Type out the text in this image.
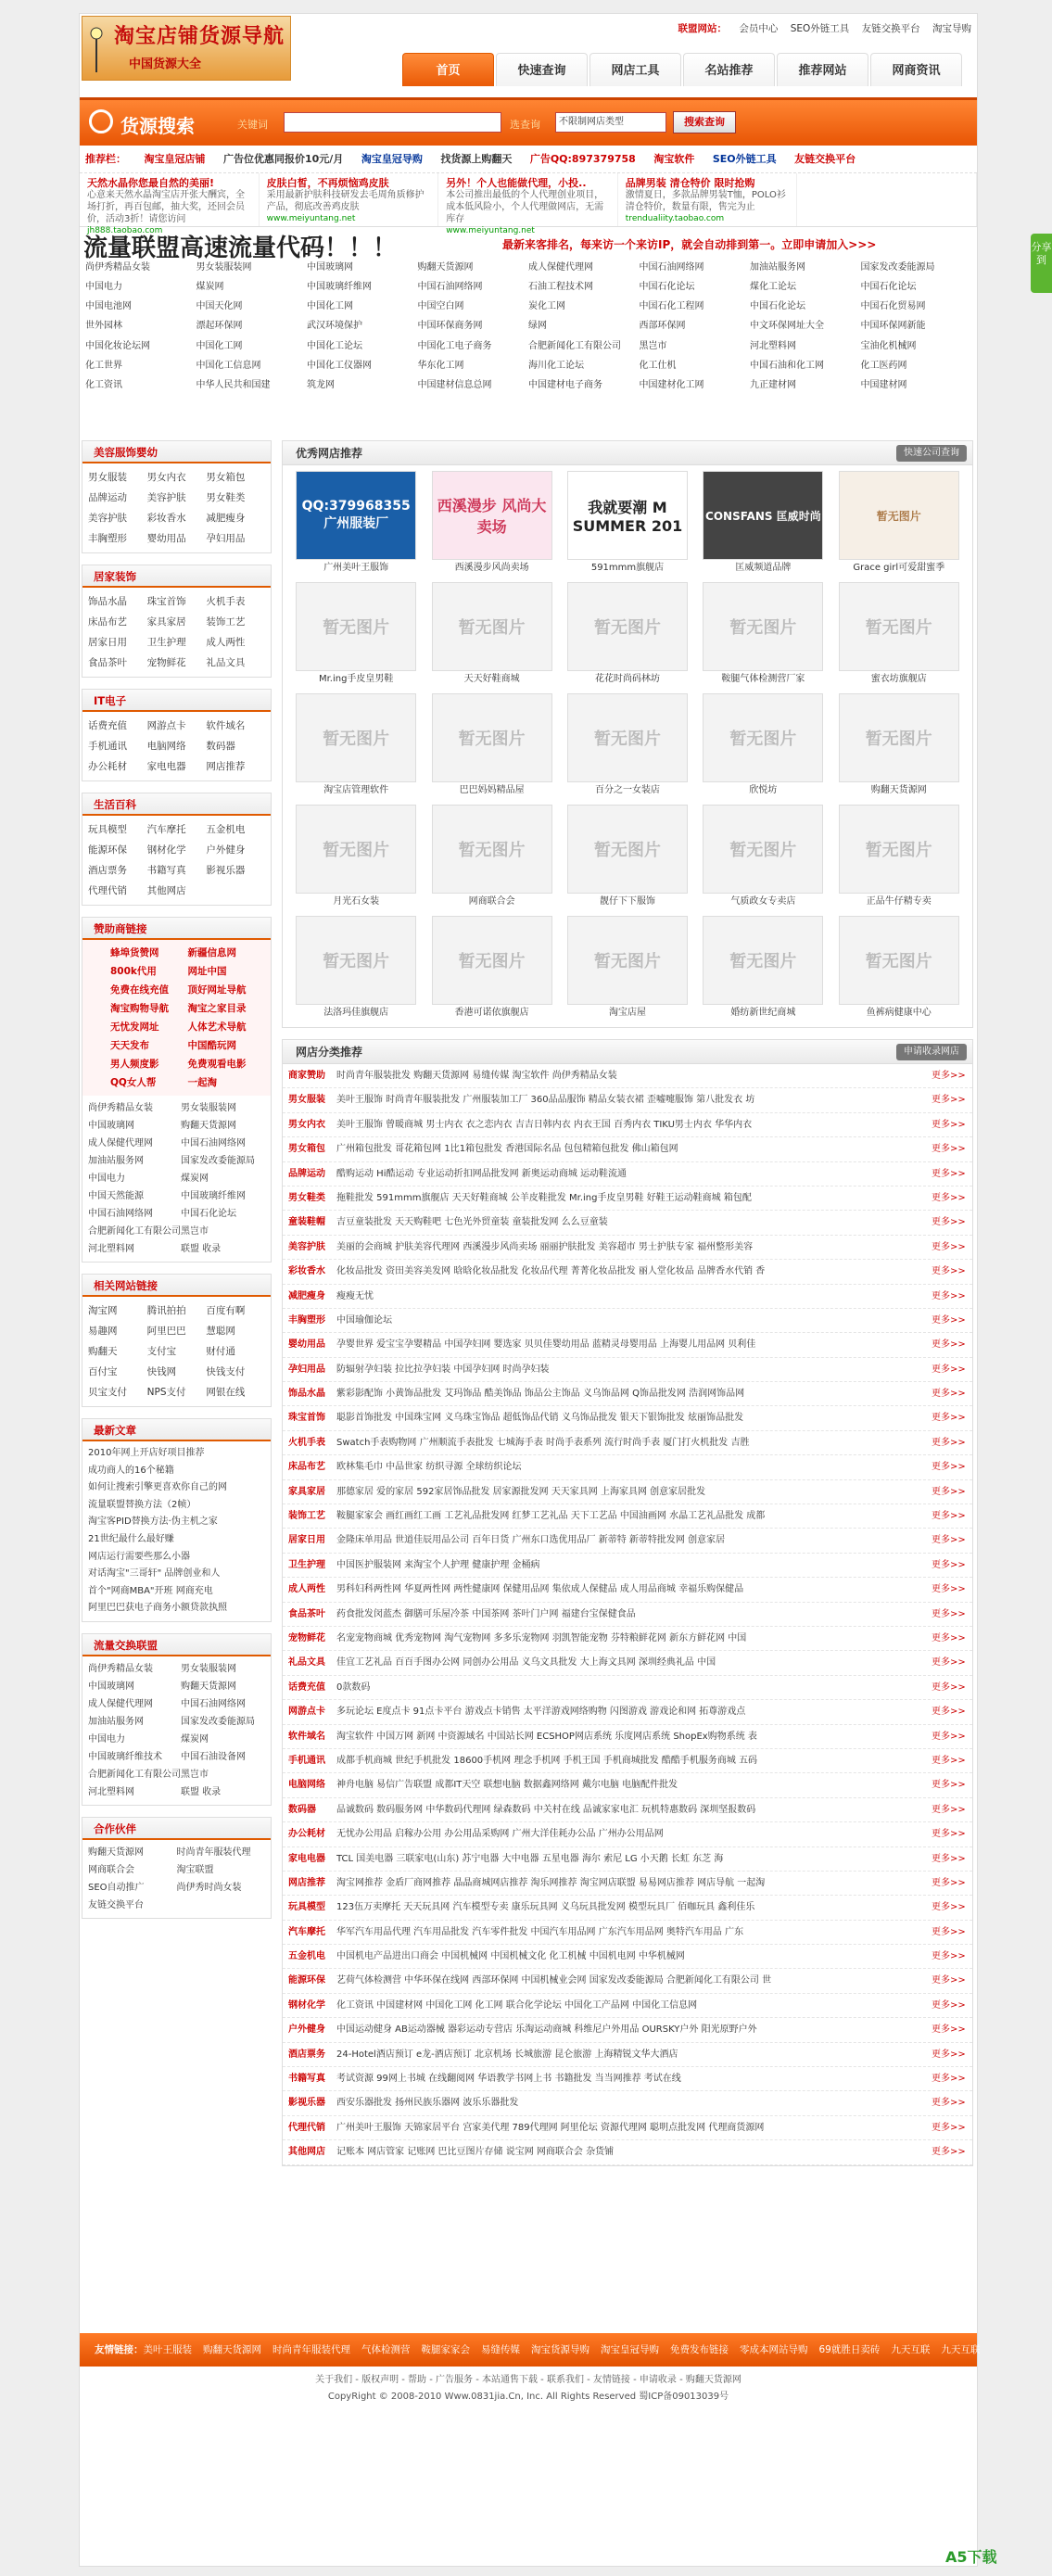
淘宝店铺货源导航
中国货源大全
联盟网站： 会员中心 SEO外链工具 友链交换平台 淘宝导购
首页	快速查询	网店工具	名站推荐	推荐网站	网商资讯
货源搜索	关键词	选查询	不限制网店类型	搜索查询
推荐栏： 淘宝皇冠店铺 广告位优惠同报价10元/月 淘宝皇冠导购 找货源上购翻天 广告QQ:897379758 淘宝软件 SEO外链工具 友链交换平台
天然水晶你您最自然的美丽!
心意来天然水晶淘宝店开张大酬宾，全场打折，再百包邮，抽大奖，还回会员价，活动3折！请您访问
jh888.taobao.com
皮肤白皙，不再烦恼鸡皮肤
采用最新护肤科技研发去毛周角质修护产品，彻底改善鸡皮肤
www.meiyuntang.net
另外！个人也能做代理，小投..
本公司推出最低的个人代理创业项目，成本低风险小，个人代理做网店，无需库存
www.meiyuntang.net
品牌男装 清仓特价 限时抢购
激情夏日，多款品牌男装T恤，POLO衫清仓特价，数量有限，售完为止
trendualiity.taobao.com
流量联盟高速流量代码！！！	最新来客排名，每来访一个来访IP，就会自动排到第一。立即申请加入>>>
尚伊秀精品女装	男女装服装网	中国玻璃网	购翻天货源网	成人保健代理网	中国石油网络网	加油站服务网	国家发改委能源局
中国电力	煤炭网	中国玻璃纤维网	中国石油网络网	石油工程技术网	中国石化论坛	煤化工论坛	中国石化论坛
中国电池网	中国天化网	中国化工网	中国空白网	炭化工网	中国石化工程网	中国石化论坛	中国石化贸易网
世外园林	漂起环保网	武汉环境保护	中国环保商务网	绿网	西部环保网	中文环保网址大全	中国环保网新能
中国化妆论坛网	中国化工网	中国化工论坛	中国化工电子商务	合肥新闻化工有限公司	黑岂市	河北塑料网	宝油化机械网
化工世界	中国化工信息网	中国化工仪器网	华东化工网	海川化工论坛	化工仕机	中国石油和化工网	化工医药网
化工资讯	中华人民共和国建	筑龙网	中国建材信息总网	中国建材电子商务	中国建材化工网	九正建材网	中国建材网
美容服饰婴幼
男女服装	男女内衣	男女箱包
品牌运动	美容护肤	男女鞋类
美容护肤	彩妆香水	减肥瘦身
丰胸塑形	婴幼用品	孕妇用品
居家装饰
饰品水晶	珠宝首饰	火机手表
床品布艺	家具家居	装饰工艺
居家日用	卫生护理	成人两性
食品茶叶	宠物鲜花	礼品文具
IT电子
话费充值	网游点卡	软件域名
手机通讯	电脑网络	数码器
办公耗材	家电电器	网店推荐
生活百科
玩具模型	汽车摩托	五金机电
能源环保	钢材化学	户外健身
酒店票务	书籍写真	影视乐器
代理代销	其他网店
赞助商链接
蜂埠货赞网	新疆信息网
800k代用	网址中国
免费在线充值	顶好网址导航
淘宝购物导航	淘宝之家目录
无忧发网址	人体艺术导航
天天发布	中国酷玩网
男人频度影	免费观看电影
QQ女人帮	一起淘
尚伊秀精品女装	男女装服装网
中国玻璃网	购翻天货源网
成人保健代理网	中国石油网络网
加油站服务网	国家发改委能源局
中国电力	煤炭网
中国天然能源	中国玻璃纤维网
中国石油网络网	中国石化论坛
合肥新闻化工有限公司 黑岂市
河北塑料网	联盟 收录
相关网站链接
淘宝网	腾讯拍拍	百度有啊
易趣网	阿里巴巴	慧聪网
购翻天	支付宝	财付通
百付宝	快钱网	快钱支付
贝宝支付	NPS支付	网银在线
最新文章
2010年网上开店好项目推荐
成功商人的16个秘籍
如何让搜索引擎更喜欢你自己的网
流量联盟替换方法（2帧）
淘宝客PID替换方法·伪主机之家
21世纪最什么最好赚
网店运行需要些那么小器
对话淘宝"三哥轩" 品牌创业和人
首个"网商MBA"开班 网商充电
阿里巴巴获电子商务小额贷款执照
流量交换联盟
尚伊秀精品女装	男女装服装网
中国玻璃网	购翻天货源网
成人保健代理网	中国石油网络网
加油站服务网	国家发改委能源局
中国电力	煤炭网
中国玻璃纤维技术	中国石油设备网
合肥新闻化工有限公司 黑岂市
河北塑料网	联盟 收录
合作伙伴
购翻天货源网	时尚青年服装代理
网商联合会	淘宝联盟
SEO自动推广	尚伊秀时尚女装
友链交换平台
优秀网店推荐	快速公司查询
QQ:379968355 广州服装厂
广州美叶王服饰
西溪漫步 风尚大卖场
西溪漫步风尚卖场
我就要潮 M SUMMER 201
591mmm旗舰店
CONSFANS 匡威时尚
匡威频道品牌
暂无图片
Grace girl可爱甜蜜季
暂无图片
Mr.ing手皮皇男鞋
暂无图片
天天好鞋商城
暂无图片
花花时尚码林坊
暂无图片
鞍腿气体检测营厂家
暂无图片
蜜衣坊旗舰店
暂无图片
淘宝店管理软件
暂无图片
巴巴妈妈精品屋
暂无图片
百分之一女装店
暂无图片
欣悦坊
暂无图片
购翻天货源网
暂无图片
月光石女装
暂无图片
网商联合会
暂无图片
靓仔下下服饰
暂无图片
气质政女专卖店
暂无图片
正品牛仔精专卖
暂无图片
法洛玛佳旗舰店
暂无图片
香港可诺依旗舰店
暂无图片
淘宝店屋
暂无图片
婚纺新世纪商城
暂无图片
鱼裤病健康中心
网店分类推荐	申请收录网店
商家赞助	时尚青年服装批发 购翻天货源网 易缝传媒 淘宝软件 尚伊秀精品女装	更多>>
男女服装	美叶王服饰 时尚青年服装批发 广州服装加工厂 360品品服饰 精品女装衣裙 歪嘘嚏服饰 第八批发衣 坊	更多>>
男女内衣	美叶王服饰 曾暖商城 男士内衣 衣之恋内衣 吉吉日韩内衣 内衣王国 百秀内衣 TIKU男士内衣 华华内衣	更多>>
男女箱包	广州箱包批发 哥花箱包网 1比1箱包批发 香港国际名品 包包精箱包批发 佛山箱包网	更多>>
品牌运动	酷购运动 Hi酷运动 专业运动折扣网品批发网 新奥运动商城 运动鞋流通	更多>>
男女鞋类	拖鞋批发 591mmm旗舰店 天天好鞋商城 公羊皮鞋批发 Mr.ing手皮皇男鞋 好鞋王运动鞋商城 箱包配	更多>>
童装鞋帽	吉豆童装批发 天天购鞋吧 七色光外贸童装 童装批发网 么么豆童装	更多>>
美容护肤	美丽的会商城 护肤美容代理网 西溪漫步风尚卖场 丽丽护肤批发 美容超市 男士护肤专家 福州整形美容	更多>>
彩妆香水	化妆品批发 资田美容美发网 晗晗化妆品批发 化妆品代理 菁菁化妆品批发 丽人堂化妆品 品牌香水代销 香	更多>>
减肥瘦身	瘦瘦无忧	更多>>
丰胸塑形	中国瑜伽论坛	更多>>
婴幼用品	孕婴世界 爱宝宝孕婴精品 中国孕妇网 婴选家 贝贝佳婴幼用品 蓝精灵母婴用品 上海婴儿用品网 贝利佳	更多>>
孕妇用品	防辐射孕妇装 拉比拉孕妇装 中国孕妇网 时尚孕妇装	更多>>
饰品水晶	紫彩影配饰 小黄饰品批发 艾玛饰品 酷美饰品 饰品公主饰品 义乌饰品网 Q饰品批发网 浩润网饰品网	更多>>
珠宝首饰	聪影首饰批发 中国珠宝网 义乌珠宝饰品 超低饰品代销 义乌饰品批发 银天下银饰批发 炫丽饰品批发	更多>>
火机手表	Swatch手表购物网 广州顺流手表批发 七城海手表 时尚手表系列 流行时尚手表 厦门打火机批发 吉胜	更多>>
床品布艺	欧林集毛巾 中品世家 纺织寻源 全球纺织论坛	更多>>
家具家居	那德家居 爱的家居 592家居饰品批发 居家源批发网 天天家具网 上海家具网 创意家居批发	更多>>
装饰工艺	鞍腿家家会 画红画红工画 工艺礼品批发网 红梦工艺礼品 天下工艺品 中国油画网 水晶工艺礼品批发 成都	更多>>
居家日用	金隆床单用品 世道佳辰用品公司 百年日货 广州东口选优用品厂 新蒂特 新蒂特批发网 创意家居	更多>>
卫生护理	中国医护服装网 来淘宝个人护理 健康护理 金桶病	更多>>
成人两性	男科妇科两性网 华夏两性网 两性健康网 保健用品网 集依成人保健品 成人用品商城 幸福乐购保健品	更多>>
食品茶叶	药食批发闵蓝杰 御膳可乐屋冷茶 中国茶网 茶叶门户网 福建台宝保健食品	更多>>
宠物鲜花	名宠宠物商城 优秀宠物网 淘气宠物网 多多乐宠物网 羽凯智能宠物 芬特粮鲜花网 新东方鲜花网 中国	更多>>
礼品文具	佳宜工艺礼品 百百手图办公网 同创办公用品 义乌文具批发 大上海文具网 深圳经典礼品 中国	更多>>
话费充值	0款数码	更多>>
网游点卡	多玩论坛 E度点卡 91点卡平台 游戏点卡销售 太平洋游戏网络购物 闪图游戏 游戏论和网 拓尊游戏点	更多>>
软件域名	淘宝软件 中国万网 新网 中资源域名 中国站长网 ECSHOP网店系统 乐度网店系统 ShopEx购物系统 表	更多>>
手机通讯	成都手机商城 世纪手机批发 18600手机网 理念手机网 手机王国 手机商城批发 酷酷手机服务商城 五码	更多>>
电脑网络	神舟电脑 易信广告联盟 成都IT天空 联想电脑 数据鑫网络网 戴尔电脑 电脑配件批发	更多>>
数码器	品诚数码 数码服务网 中华数码代理网 绿森数码 中关村在线 品诚家家电汇 玩机特惠数码 深圳坚报数码	更多>>
办公耗材	无忧办公用品 启稼办公用 办公用品采购网 广州大洋佳耗办公品 广州办公用品网	更多>>
家电电器	TCL 国美电器 三联家电(山东) 苏宁电器 大中电器 五星电器 海尔 索尼 LG 小天鹅 长虹 东芝 海	更多>>
网店推荐	淘宝网推荐 金盾厂商网推荐 晶晶商城网店推荐 淘乐网推荐 淘宝网店联盟 易易网店推荐 网店导航 一起淘	更多>>
玩具模型	123伍万卖摩托 天天玩具网 汽车模型专卖 康乐玩具网 义乌玩具批发网 模型玩具厂 佰咖玩具 鑫利佳乐	更多>>
汽车摩托	华军汽车用品代理 汽车用品批发 汽车零件批发 中国汽车用品网 广东汽车用品网 奥特汽车用品 广东	更多>>
五金机电	中国机电产品进出口商会 中国机械网 中国机械文化 化工机械 中国机电网 中华机械网	更多>>
能源环保	艺荷气体检测营 中华环保在线网 西部环保网 中国机械业会网 国家发改委能源局 合肥新闻化工有限公司 世	更多>>
钢材化学	化工资讯 中国建材网 中国化工网 化工网 联合化学论坛 中国化工产品网 中国化工信息网	更多>>
户外健身	中国运动健身 AB运动器械 器彩运动专营店 乐淘运动商城 科维尼户外用品 OURSKY户外 阳光原野户外	更多>>
酒店票务	24-Hotel酒店预订 e龙-酒店预订 北京机场 长城旅游 昆仑旅游 上海精锐文华大酒店	更多>>
书籍写真	考试资源 99网上书城 在线翻阅网 华语教学书网上书 书籍批发 当当网推荐 考试在线	更多>>
影视乐器	西安乐器批发 扬州民族乐器网 波乐乐器批发	更多>>
代理代销	广州美叶王服饰 天锦家居平台 宫家美代理 789代理网 阿里伦坛 资源代理网 聪明点批发网 代理商货源网	更多>>
其他网店	记账本 网店管家 记账网 巴比豆图片存储 说宝网 网商联合会 杂货铺	更多>>
友情链接：美叶王服装 购翻天货源网 时尚青年服装代理 气体检测营 鞍腿家家会 易缝传媒 淘宝货源导购 淘宝皇冠导购 免费发布链接 零成本网站导购 69就胜日卖砖 九天互联 九天互联
关于我们 - 版权声明 - 帮助 - 广告服务 - 本站通售下载 - 联系我们 - 友情链接 - 申请收录 - 购翻天货源网
CopyRight © 2008-2010 Www.0831jia.Cn, Inc. All Rights Reserved 蜀ICP备09013039号
分享到
A5下载
